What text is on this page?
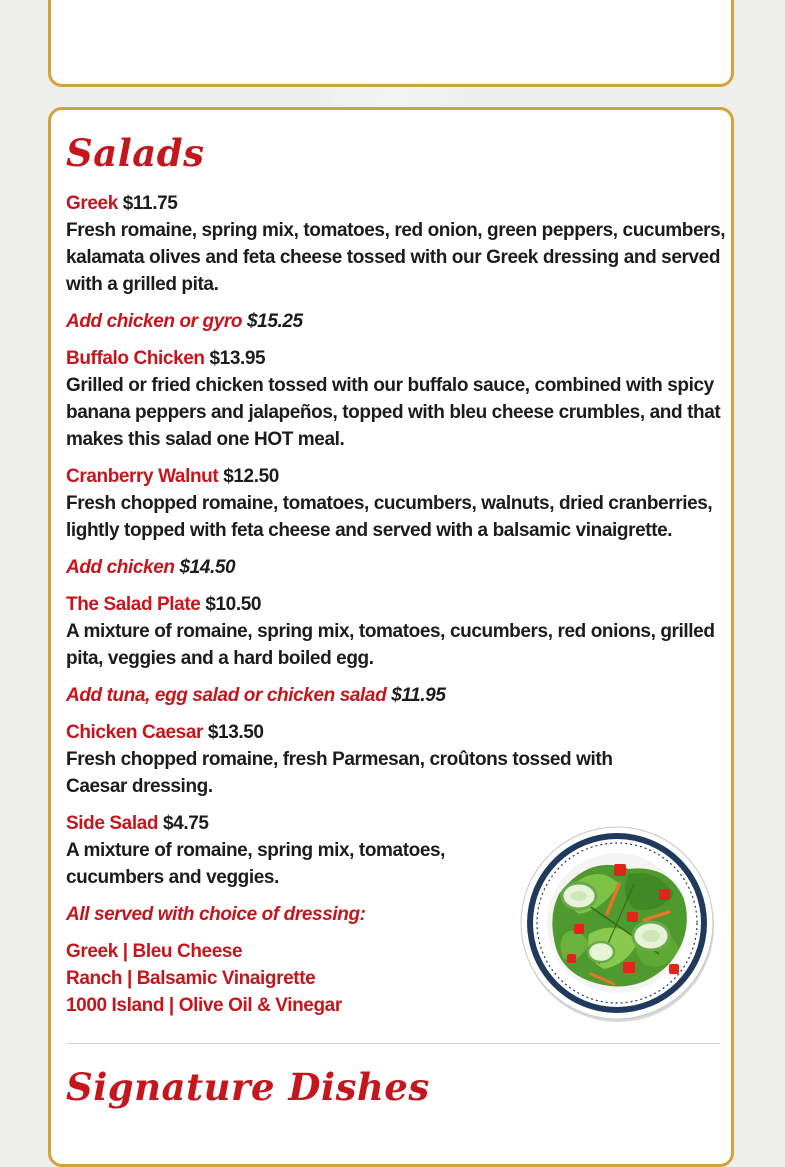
Salads
Greek $11.75
Fresh romaine, spring mix, tomatoes, red onion, green peppers, cucumbers, kalamata olives and feta cheese tossed with our Greek dressing and served with a grilled pita.
Add chicken or gyro $15.25
Buffalo Chicken $13.95
Grilled or fried chicken tossed with our buffalo sauce, combined with spicy banana peppers and jalapeños, topped with bleu cheese crumbles, and that makes this salad one HOT meal.
Cranberry Walnut $12.50
Fresh chopped romaine, tomatoes, cucumbers, walnuts, dried cranberries, lightly topped with feta cheese and served with a balsamic vinaigrette.
Add chicken $14.50
The Salad Plate $10.50
A mixture of romaine, spring mix, tomatoes, cucumbers, red onions, grilled pita, veggies and a hard boiled egg.
Add tuna, egg salad or chicken salad $11.95
Chicken Caesar $13.50
Fresh chopped romaine, fresh Parmesan, croûtons tossed with Caesar dressing.
Side Salad $4.75
A mixture of romaine, spring mix, tomatoes, cucumbers and veggies.
All served with choice of dressing:
Greek | Bleu Cheese
Ranch | Balsamic Vinaigrette
1000 Island | Olive Oil & Vinegar
Signature Dishes
